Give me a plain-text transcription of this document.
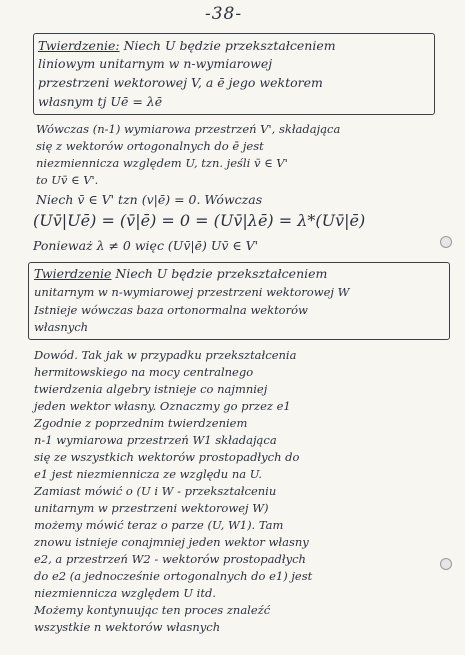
-38-
Twierdzenie: Niech U będzie przekształceniem
liniowym unitarnym w n-wymiarowej
przestrzeni wektorowej V, a ē jego wektorem
własnym tj Uē = λē
Wówczas (n-1) wymiarowa przestrzeń V', składająca
się z wektorów ortogonalnych do ē jest
niezmiennicza względem U, tzn. jeśli v̄ ∈ V'
to Uv̄ ∈ V'.
Niech v̄ ∈ V' tzn (v|ē) = 0. Wówczas
(Uv̄|Uē) = (v̄|ē) = 0 = (Uv̄|λē) = λ*(Uv̄|ē)
Ponieważ λ ≠ 0 więc (Uv̄|ē) Uv̄ ∈ V'
Twierdzenie Niech U będzie przekształceniem
unitarnym w n-wymiarowej przestrzeni wektorowej W
Istnieje wówczas baza ortonormalna wektorów
własnych
Dowód. Tak jak w przypadku przekształcenia
hermitowskiego na mocy centralnego
twierdzenia algebry istnieje co najmniej
jeden wektor własny. Oznaczmy go przez e1
Zgodnie z poprzednim twierdzeniem
n-1 wymiarowa przestrzeń W1 składająca
się ze wszystkich wektorów prostopadłych do
e1 jest niezmiennicza ze względu na U.
Zamiast mówić o (U i W - przekształceniu
unitarnym w przestrzeni wektorowej W)
możemy mówić teraz o parze (U, W1). Tam
znowu istnieje conajmniej jeden wektor własny
e2, a przestrzeń W2 - wektorów prostopadłych
do e2 (a jednocześnie ortogonalnych do e1) jest
niezmiennicza względem U itd.
Możemy kontynuując ten proces znaleźć
wszystkie n wektorów własnych
